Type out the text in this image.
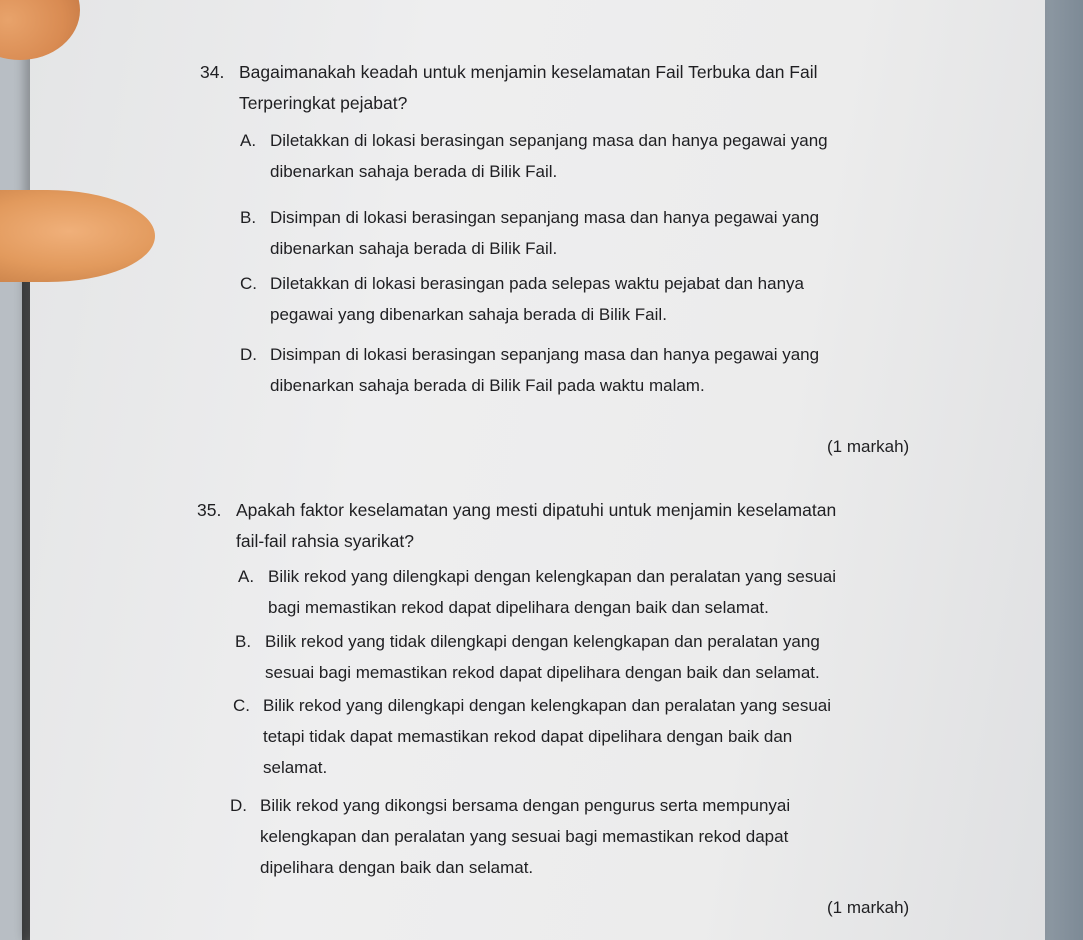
34. Bagaimanakah keadah untuk menjamin keselamatan Fail Terbuka dan Fail
Terperingkat pejabat?
A. Diletakkan di lokasi berasingan sepanjang masa dan hanya pegawai yang
dibenarkan sahaja berada di Bilik Fail.
B. Disimpan di lokasi berasingan sepanjang masa dan hanya pegawai yang
dibenarkan sahaja berada di Bilik Fail.
C. Diletakkan di lokasi berasingan pada selepas waktu pejabat dan hanya
pegawai yang dibenarkan sahaja berada di Bilik Fail.
D. Disimpan di lokasi berasingan sepanjang masa dan hanya pegawai yang
dibenarkan sahaja berada di Bilik Fail pada waktu malam.
(1 markah)
35. Apakah faktor keselamatan yang mesti dipatuhi untuk menjamin keselamatan
fail-fail rahsia syarikat?
A. Bilik rekod yang dilengkapi dengan kelengkapan dan peralatan yang sesuai
bagi memastikan rekod dapat dipelihara dengan baik dan selamat.
B. Bilik rekod yang tidak dilengkapi dengan kelengkapan dan peralatan yang
sesuai bagi memastikan rekod dapat dipelihara dengan baik dan selamat.
C. Bilik rekod yang dilengkapi dengan kelengkapan dan peralatan yang sesuai
tetapi tidak dapat memastikan rekod dapat dipelihara dengan baik dan
selamat.
D. Bilik rekod yang dikongsi bersama dengan pengurus serta mempunyai
kelengkapan dan peralatan yang sesuai bagi memastikan rekod dapat
dipelihara dengan baik dan selamat.
(1 markah)
